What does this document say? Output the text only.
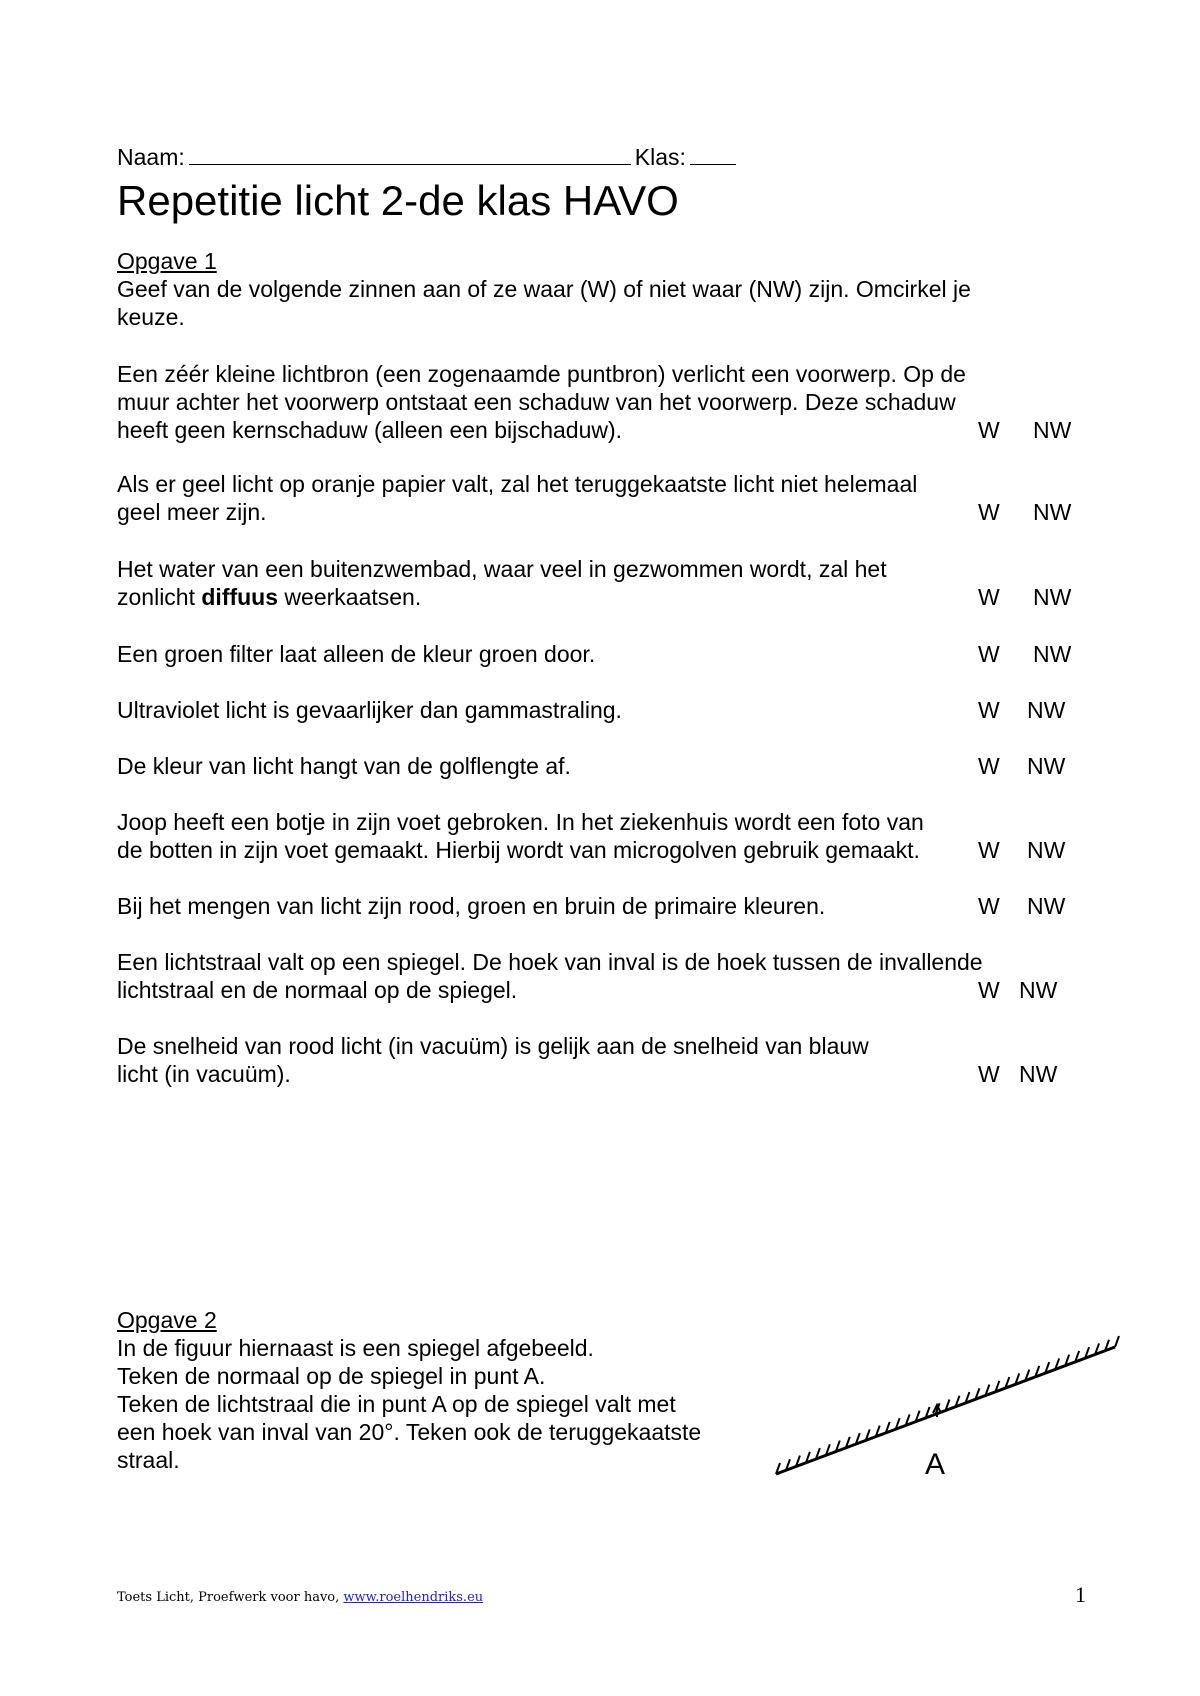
Naam:	Klas:
Repetitie licht 2-de klas HAVO
Opgave 1
Geef van de volgende zinnen aan of ze waar (W) of niet waar (NW) zijn. Omcirkel je
keuze.
Een zéér kleine lichtbron (een zogenaamde puntbron) verlicht een voorwerp. Op de
muur achter het voorwerp ontstaat een schaduw van het voorwerp. Deze schaduw
heeft geen kernschaduw (alleen een bijschaduw).	W NW
Als er geel licht op oranje papier valt, zal het teruggekaatste licht niet helemaal
geel meer zijn.	W NW
Het water van een buitenzwembad, waar veel in gezwommen wordt, zal het
zonlicht diffuus weerkaatsen.	W NW
Een groen filter laat alleen de kleur groen door.	W NW
Ultraviolet licht is gevaarlijker dan gammastraling.	W NW
De kleur van licht hangt van de golflengte af.	W NW
Joop heeft een botje in zijn voet gebroken. In het ziekenhuis wordt een foto van
de botten in zijn voet gemaakt. Hierbij wordt van microgolven gebruik gemaakt.	W NW
Bij het mengen van licht zijn rood, groen en bruin de primaire kleuren.	W NW
Een lichtstraal valt op een spiegel. De hoek van inval is de hoek tussen de invallende
lichtstraal en de normaal op de spiegel.	W NW
De snelheid van rood licht (in vacuüm) is gelijk aan de snelheid van blauw
licht (in vacuüm).	W NW
Opgave 2
In de figuur hiernaast is een spiegel afgebeeld.
Teken de normaal op de spiegel in punt A.
Teken de lichtstraal die in punt A op de spiegel valt met
een hoek van inval van 20°. Teken ook de teruggekaatste
straal.	A
Toets Licht, Proefwerk voor havo, www.roelhendriks.eu	1
